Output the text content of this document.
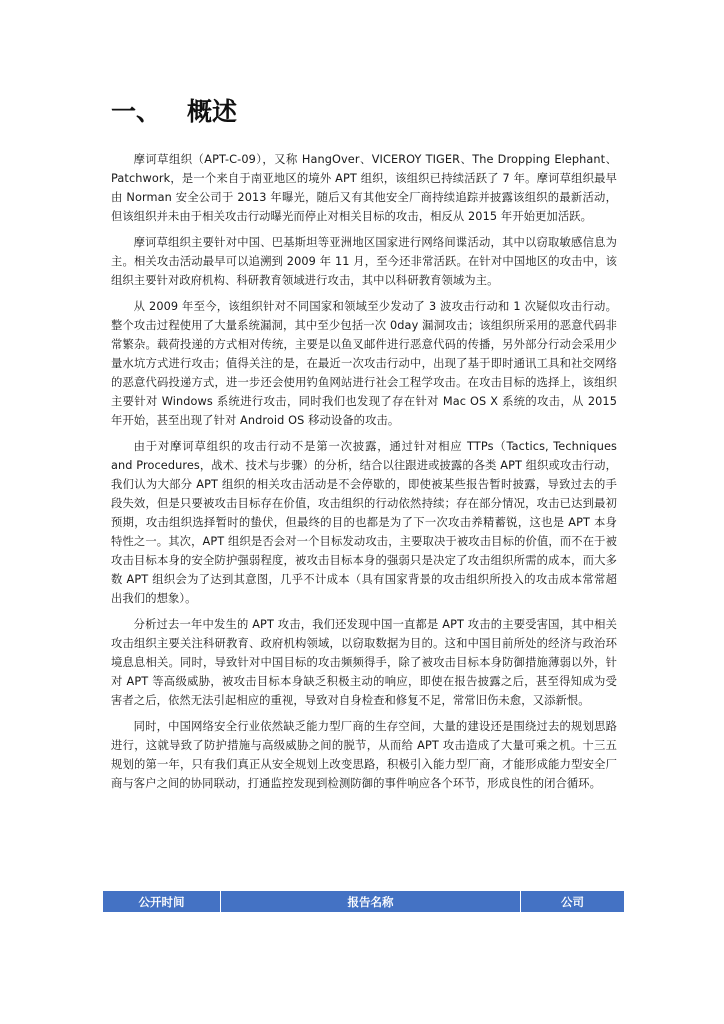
一、	概述

摩诃草组织（APT-C-09），又称 HangOver、VICEROY TIGER、The Dropping Elephant、Patchwork，是一个来自于南亚地区的境外 APT 组织，该组织已持续活跃了 7 年。摩诃草组织最早由 Norman 安全公司于 2013 年曝光，随后又有其他安全厂商持续追踪并披露该组织的最新活动，但该组织并未由于相关攻击行动曝光而停止对相关目标的攻击，相反从 2015 年开始更加活跃。

摩诃草组织主要针对中国、巴基斯坦等亚洲地区国家进行网络间谍活动，其中以窃取敏感信息为主。相关攻击活动最早可以追溯到 2009 年 11 月，至今还非常活跃。在针对中国地区的攻击中，该组织主要针对政府机构、科研教育领域进行攻击，其中以科研教育领域为主。

从 2009 年至今，该组织针对不同国家和领域至少发动了 3 波攻击行动和 1 次疑似攻击行动。整个攻击过程使用了大量系统漏洞，其中至少包括一次 0day 漏洞攻击；该组织所采用的恶意代码非常繁杂。载荷投递的方式相对传统，主要是以鱼叉邮件进行恶意代码的传播，另外部分行动会采用少量水坑方式进行攻击；值得关注的是，在最近一次攻击行动中，出现了基于即时通讯工具和社交网络的恶意代码投递方式，进一步还会使用钓鱼网站进行社会工程学攻击。在攻击目标的选择上，该组织主要针对 Windows 系统进行攻击，同时我们也发现了存在针对 Mac OS X 系统的攻击，从 2015 年开始，甚至出现了针对 Android OS 移动设备的攻击。

由于对摩诃草组织的攻击行动不是第一次披露，通过针对相应 TTPs（Tactics, Techniques and Procedures，战术、技术与步骤）的分析，结合以往跟进或披露的各类 APT 组织或攻击行动，我们认为大部分 APT 组织的相关攻击活动是不会停歇的，即使被某些报告暂时披露，导致过去的手段失效，但是只要被攻击目标存在价值，攻击组织的行动依然持续；存在部分情况，攻击已达到最初预期，攻击组织选择暂时的蛰伏，但最终的目的也都是为了下一次攻击养精蓄锐，这也是 APT 本身特性之一。其次，APT 组织是否会对一个目标发动攻击，主要取决于被攻击目标的价值，而不在于被攻击目标本身的安全防护强弱程度，被攻击目标本身的强弱只是决定了攻击组织所需的成本，而大多数 APT 组织会为了达到其意图，几乎不计成本（具有国家背景的攻击组织所投入的攻击成本常常超出我们的想象）。

分析过去一年中发生的 APT 攻击，我们还发现中国一直都是 APT 攻击的主要受害国，其中相关攻击组织主要关注科研教育、政府机构领域，以窃取数据为目的。这和中国目前所处的经济与政治环境息息相关。同时，导致针对中国目标的攻击频频得手，除了被攻击目标本身防御措施薄弱以外，针对 APT 等高级威胁，被攻击目标本身缺乏积极主动的响应，即使在报告披露之后，甚至得知成为受害者之后，依然无法引起相应的重视，导致对自身检查和修复不足，常常旧伤未愈，又添新恨。

同时，中国网络安全行业依然缺乏能力型厂商的生存空间，大量的建设还是围绕过去的规划思路进行，这就导致了防护措施与高级威胁之间的脱节，从而给 APT 攻击造成了大量可乘之机。十三五规划的第一年，只有我们真正从安全规划上改变思路，积极引入能力型厂商，才能形成能力型安全厂商与客户之间的协同联动，打通监控发现到检测防御的事件响应各个环节，形成良性的闭合循环。

公开时间	报告名称	公司
